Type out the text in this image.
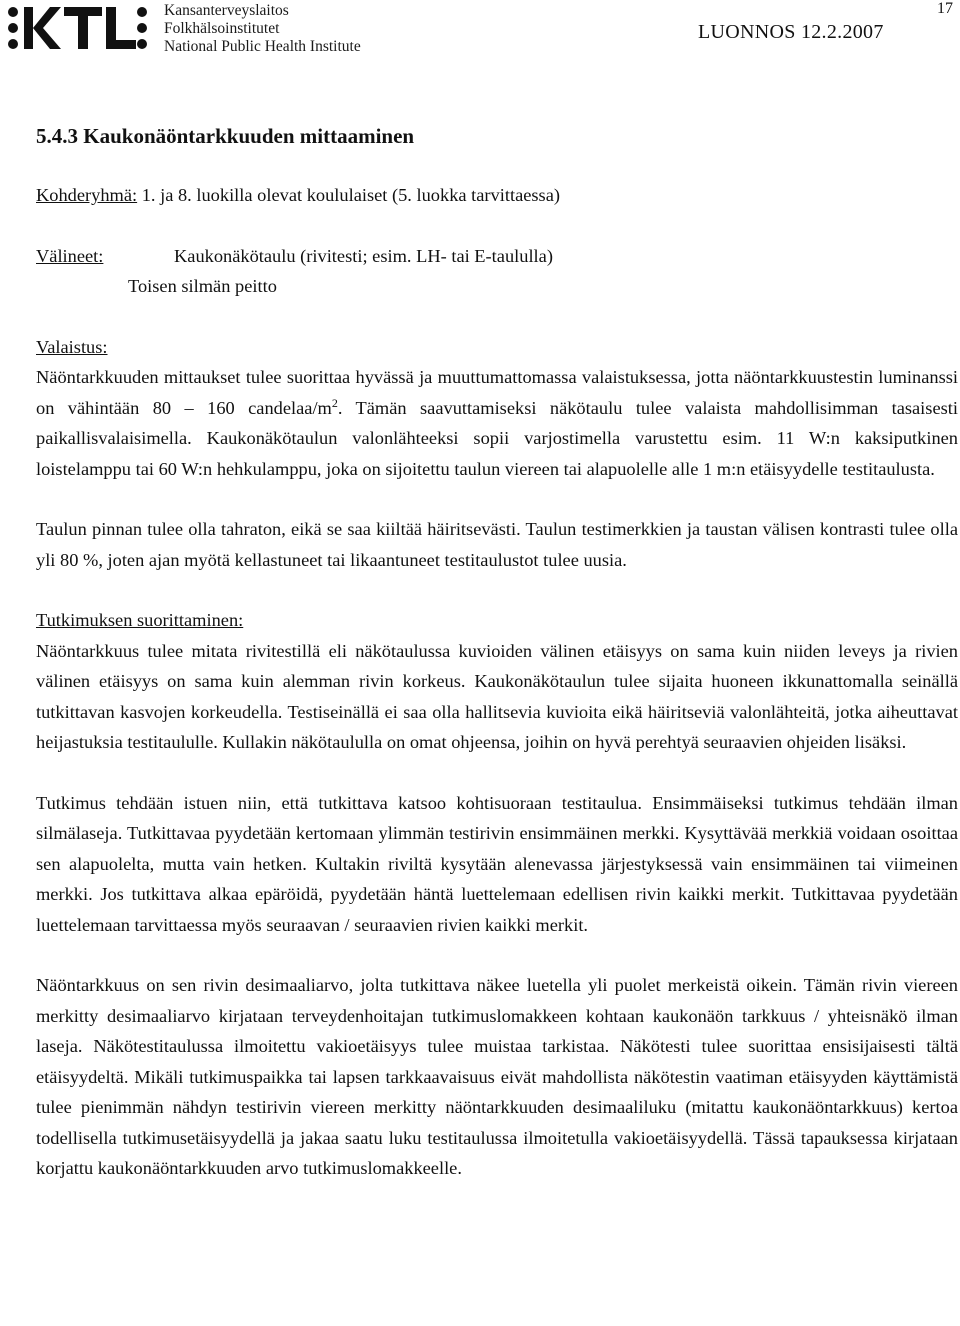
Kansanterveyslaitos
Folkhälsoinstitutet
National Public Health Institute
LUONNOS 12.2.2007
17
5.4.3 Kaukonäöntarkkuuden mittaaminen

Kohderyhmä: 1. ja 8. luokilla olevat koululaiset (5. luokka tarvittaessa)

Välineet:	Kaukonäkötaulu (rivitesti; esim. LH- tai E-taululla)
Toisen silmän peitto

Valaistus:

Näöntarkkuuden mittaukset tulee suorittaa hyvässä ja muuttumattomassa valaistuksessa, jotta näöntarkkuustestin luminanssi on vähintään 80 – 160 candelaa/$m^2$. Tämän saavuttamiseksi näkötaulu tulee valaista mahdollisimman tasaisesti paikallisvalaisimella. Kaukonäkötaulun valonlähteeksi sopii varjostimella varustettu esim. 11 W:n kaksiputkinen loistelamppu tai 60 W:n hehkulamppu, joka on sijoitettu taulun viereen tai alapuolelle alle 1 m:n etäisyydelle testitaulusta.

Taulun pinnan tulee olla tahraton, eikä se saa kiiltää häiritsevästi. Taulun testimerkkien ja taustan välisen kontrasti tulee olla yli 80 %, joten ajan myötä kellastuneet tai likaantuneet testitaulustot tulee uusia.

Tutkimuksen suorittaminen:

Näöntarkkuus tulee mitata rivitestillä eli näkötaulussa kuvioiden välinen etäisyys on sama kuin niiden leveys ja rivien välinen etäisyys on sama kuin alemman rivin korkeus. Kaukonäkötaulun tulee sijaita huoneen ikkunattomalla seinällä tutkittavan kasvojen korkeudella. Testiseinällä ei saa olla hallitsevia kuvioita eikä häiritseviä valonlähteitä, jotka aiheuttavat heijastuksia testitaululle. Kullakin näkötaululla on omat ohjeensa, joihin on hyvä perehtyä seuraavien ohjeiden lisäksi.

Tutkimus tehdään istuen niin, että tutkittava katsoo kohtisuoraan testitaulua. Ensimmäiseksi tutkimus tehdään ilman silmälaseja. Tutkittavaa pyydetään kertomaan ylimmän testirivin ensimmäinen merkki. Kysyttävää merkkiä voidaan osoittaa sen alapuolelta, mutta vain hetken. Kultakin riviltä kysytään alenevassa järjestyksessä vain ensimmäinen tai viimeinen merkki. Jos tutkittava alkaa epäröidä, pyydetään häntä luettelemaan edellisen rivin kaikki merkit. Tutkittavaa pyydetään luettelemaan tarvittaessa myös seuraavan / seuraavien rivien kaikki merkit.

Näöntarkkuus on sen rivin desimaaliarvo, jolta tutkittava näkee luetella yli puolet merkeistä oikein. Tämän rivin viereen merkitty desimaaliarvo kirjataan terveydenhoitajan tutkimuslomakkeen kohtaan kaukonäön tarkkuus / yhteisnäkö ilman laseja. Näkötestitaulussa ilmoitettu vakioetäisyys tulee muistaa tarkistaa. Näkötesti tulee suorittaa ensisijaisesti tältä etäisyydeltä. Mikäli tutkimuspaikka tai lapsen tarkkaavaisuus eivät mahdollista näkötestin vaatiman etäisyyden käyttämistä tulee pienimmän nähdyn testirivin viereen merkitty näöntarkkuuden desimaaliluku (mitattu kaukonäöntarkkuus) kertoa todellisella tutkimusetäisyydellä ja jakaa saatu luku testitaulussa ilmoitetulla vakioetäisyydellä. Tässä tapauksessa kirjataan korjattu kaukonäöntarkkuuden arvo tutkimuslomakkeelle.
